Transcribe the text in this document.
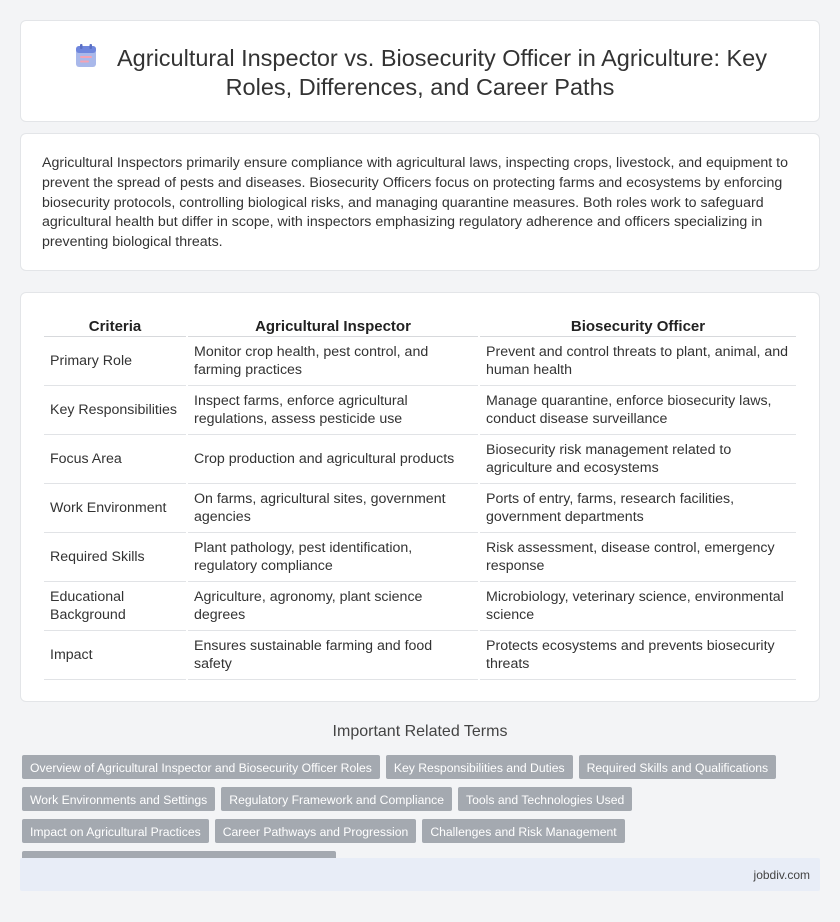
Agricultural Inspector vs. Biosecurity Officer in Agriculture: Key Roles, Differences, and Career Paths

Agricultural Inspectors primarily ensure compliance with agricultural laws, inspecting crops, livestock, and equipment to prevent the spread of pests and diseases. Biosecurity Officers focus on protecting farms and ecosystems by enforcing biosecurity protocols, controlling biological risks, and managing quarantine measures. Both roles work to safeguard agricultural health but differ in scope, with inspectors emphasizing regulatory adherence and officers specializing in preventing biological threats.

Criteria	Agricultural Inspector	Biosecurity Officer
Primary Role	Monitor crop health, pest control, and farming practices	Prevent and control threats to plant, animal, and human health
Key Responsibilities	Inspect farms, enforce agricultural regulations, assess pesticide use	Manage quarantine, enforce biosecurity laws, conduct disease surveillance
Focus Area	Crop production and agricultural products	Biosecurity risk management related to agriculture and ecosystems
Work Environment	On farms, agricultural sites, government agencies	Ports of entry, farms, research facilities, government departments
Required Skills	Plant pathology, pest identification, regulatory compliance	Risk assessment, disease control, emergency response
Educational Background	Agriculture, agronomy, plant science degrees	Microbiology, veterinary science, environmental science
Impact	Ensures sustainable farming and food safety	Protects ecosystems and prevents biosecurity threats
Important Related Terms
Overview of Agricultural Inspector and Biosecurity Officer Roles	Key Responsibilities and Duties	Required Skills and Qualifications
Work Environments and Settings	Regulatory Framework and Compliance	Tools and Technologies Used
Impact on Agricultural Practices	Career Pathways and Progression	Challenges and Risk Management
jobdiv.com
